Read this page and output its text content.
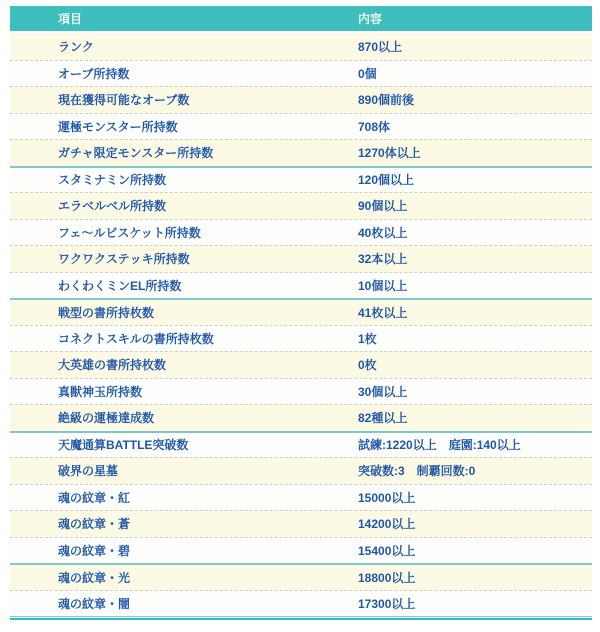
項目	内容
ランク	870以上
オーブ所持数	0個
現在獲得可能なオーブ数	890個前後
運極モンスター所持数	708体
ガチャ限定モンスター所持数	1270体以上
スタミナミン所持数	120個以上
エラベルベル所持数	90個以上
フェ〜ルビスケット所持数	40枚以上
ワクワクステッキ所持数	32本以上
わくわくミンEL所持数	10個以上
戦型の書所持枚数	41枚以上
コネクトスキルの書所持枚数	1枚
大英雄の書所持枚数	0枚
真獣神玉所持数	30個以上
絶級の運極達成数	82種以上
天魔通算BATTLE突破数	試練:1220以上　庭園:140以上
破界の星墓	突破数:3　制覇回数:0
魂の紋章・紅	15000以上
魂の紋章・蒼	14200以上
魂の紋章・碧	15400以上
魂の紋章・光	18800以上
魂の紋章・闇	17300以上
